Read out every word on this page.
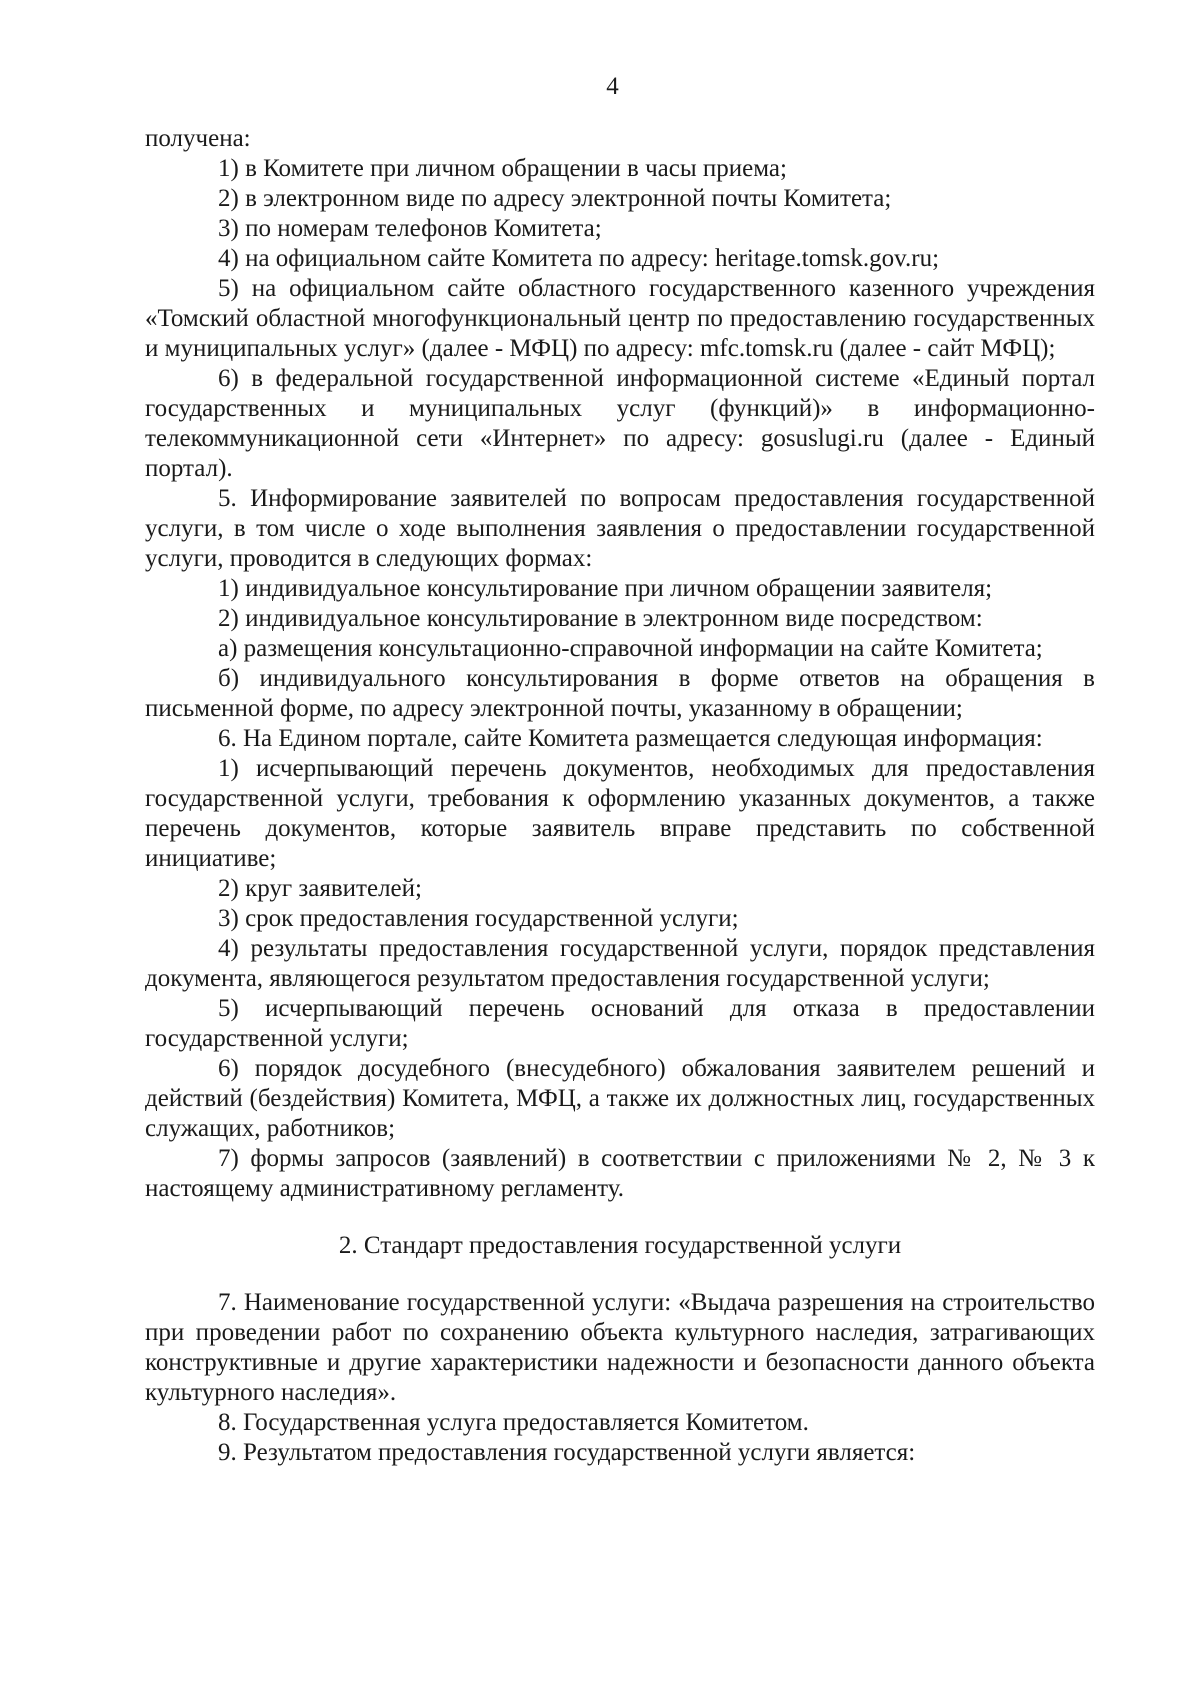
4

получена:

1) в Комитете при личном обращении в часы приема;

2) в электронном виде по адресу электронной почты Комитета;

3) по номерам телефонов Комитета;

4) на официальном сайте Комитета по адресу: heritage.tomsk.gov.ru;

5) на официальном сайте областного государственного казенного учреждения «Томский областной многофункциональный центр по предоставлению государственных и муниципальных услуг» (далее - МФЦ) по адресу: mfc.tomsk.ru (далее - сайт МФЦ);

6) в федеральной государственной информационной системе «Единый портал государственных и муниципальных услуг (функций)» в информационно-телекоммуникационной сети «Интернет» по адресу: gosuslugi.ru (далее - Единый портал).

5. Информирование заявителей по вопросам предоставления государственной услуги, в том числе о ходе выполнения заявления о предоставлении государственной услуги, проводится в следующих формах:

1) индивидуальное консультирование при личном обращении заявителя;

2) индивидуальное консультирование в электронном виде посредством:

а) размещения консультационно-справочной информации на сайте Комитета;

б) индивидуального консультирования в форме ответов на обращения в письменной форме, по адресу электронной почты, указанному в обращении;

6. На Едином портале, сайте Комитета размещается следующая информация:

1) исчерпывающий перечень документов, необходимых для предоставления государственной услуги, требования к оформлению указанных документов, а также перечень документов, которые заявитель вправе представить по собственной инициативе;

2) круг заявителей;

3) срок предоставления государственной услуги;

4) результаты предоставления государственной услуги, порядок представления документа, являющегося результатом предоставления государственной услуги;

5) исчерпывающий перечень оснований для отказа в предоставлении государственной услуги;

6) порядок досудебного (внесудебного) обжалования заявителем решений и действий (бездействия) Комитета, МФЦ, а также их должностных лиц, государственных служащих, работников;

7) формы запросов (заявлений) в соответствии с приложениями № 2, № 3 к настоящему административному регламенту.

2. Стандарт предоставления государственной услуги

7. Наименование государственной услуги: «Выдача разрешения на строительство при проведении работ по сохранению объекта культурного наследия, затрагивающих конструктивные и другие характеристики надежности и безопасности данного объекта культурного наследия».

8. Государственная услуга предоставляется Комитетом.

9. Результатом предоставления государственной услуги является:
